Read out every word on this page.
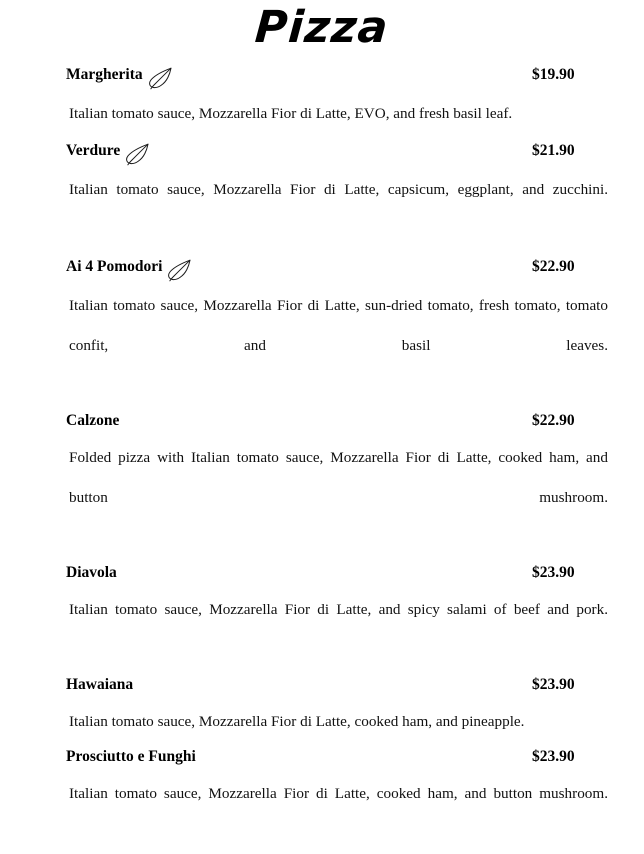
Pizza
Margherita	$19.90

Italian tomato sauce, Mozzarella Fior di Latte, EVO, and fresh basil leaf.

Verdure	$21.90

Italian tomato sauce, Mozzarella Fior di Latte, capsicum, eggplant, and zucchini.

Ai 4 Pomodori	$22.90

Italian tomato sauce, Mozzarella Fior di Latte, sun-dried tomato, fresh tomato, tomato confit, and basil leaves.

Calzone	$22.90

Folded pizza with Italian tomato sauce, Mozzarella Fior di Latte, cooked ham, and button mushroom.

Diavola	$23.90

Italian tomato sauce, Mozzarella Fior di Latte, and spicy salami of beef and pork.

Hawaiana	$23.90

Italian tomato sauce, Mozzarella Fior di Latte, cooked ham, and pineapple.

Prosciutto e Funghi	$23.90

Italian tomato sauce, Mozzarella Fior di Latte, cooked ham, and button mushroom.
